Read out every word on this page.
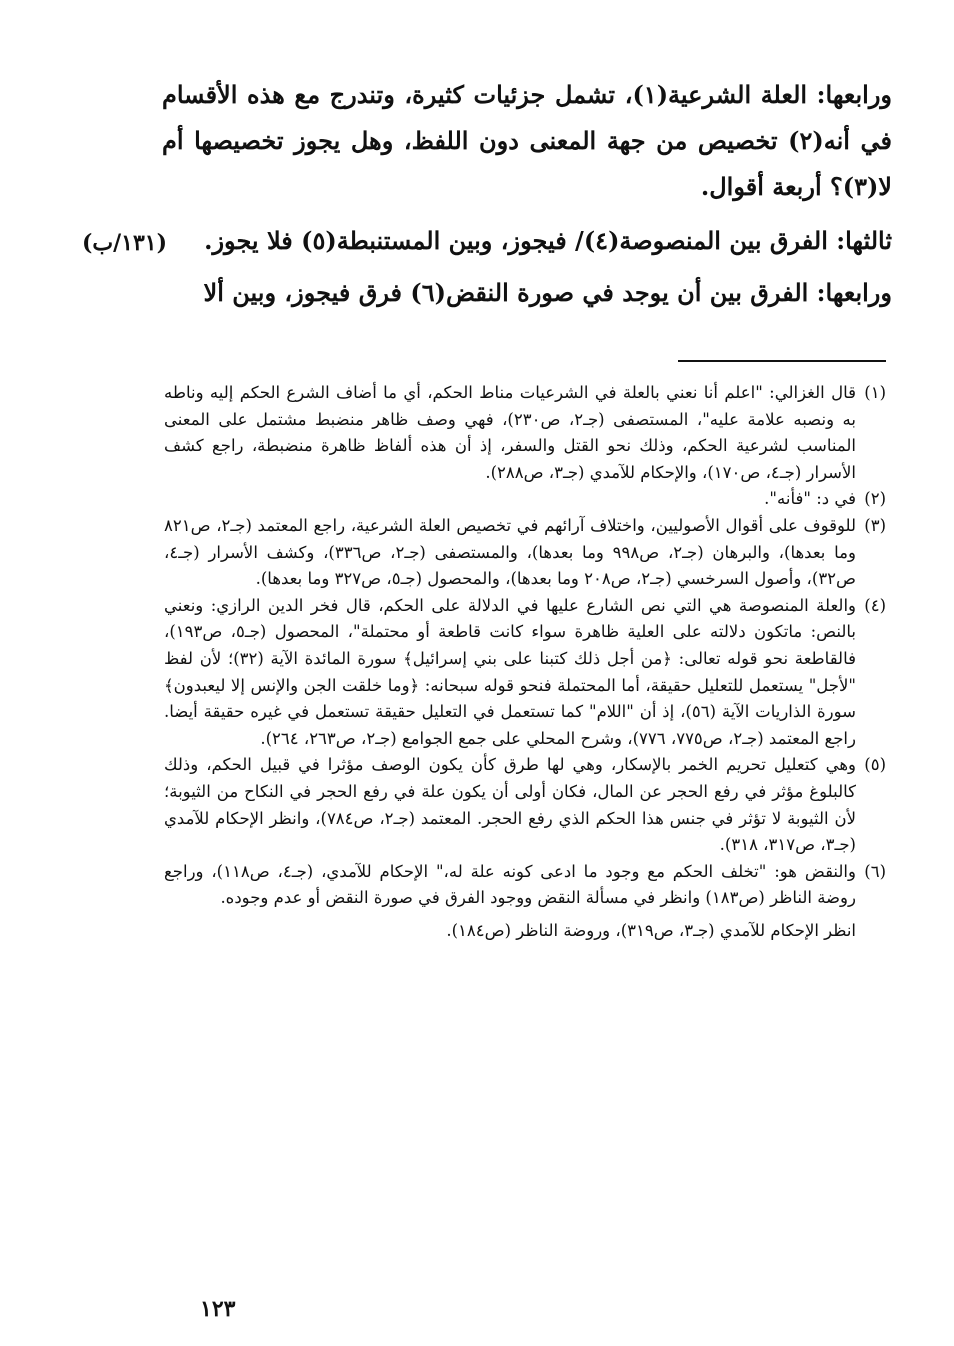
ورابعها: العلة الشرعية(١)، تشمل جزئيات كثيرة، وتندرج مع هذه الأقسام في أنه(٢) تخصيص من جهة المعنى دون اللفظ، وهل يجوز تخصيصها أم لا(٣)؟ أربعة أقوال.

ثالثها: الفرق بين المنصوصة(٤)/ فيجوز، وبين المستنبطة(٥) فلا يجوز.

ورابعها: الفرق بين أن يوجد في صورة النقض(٦) فرق فيجوز، وبين ألا

(١٣١/ب)
(١)
قال الغزالي: "اعلم أنا نعني بالعلة في الشرعيات مناط الحكم، أي ما أضاف الشرع الحكم إليه وناطه به ونصبه علامة عليه"، المستصفى (جـ٢، ص٢٣٠)، فهي وصف ظاهر منضبط مشتمل على المعنى المناسب لشرعية الحكم، وذلك نحو القتل والسفر، إذ أن هذه ألفاظ ظاهرة منضبطة، راجع كشف الأسرار (جـ٤، ص١٧٠)، والإحكام للآمدي (جـ٣، ص٢٨٨).
(٢)
في د: "فأنه".
(٣)
للوقوف على أقوال الأصوليين، واختلاف آرائهم في تخصيص العلة الشرعية، راجع المعتمد (جـ٢، ص٨٢١ وما بعدها)، والبرهان (جـ٢، ص٩٩٨ وما بعدها)، والمستصفى (جـ٢، ص٣٣٦)، وكشف الأسرار (جـ٤، ص٣٢)، وأصول السرخسي (جـ٢، ص٢٠٨ وما بعدها)، والمحصول (جـ٥، ص٣٢٧ وما بعدها).
(٤)
والعلة المنصوصة هي التي نص الشارع عليها في الدلالة على الحكم، قال فخر الدين الرازي: ونعني بالنص: ماتكون دلالته على العلية ظاهرة سواء كانت قاطعة أو محتملة"، المحصول (جـ٥، ص١٩٣)، فالقاطعة نحو قوله تعالى: ﴿من أجل ذلك كتبنا على بني إسرائيل﴾ سورة المائدة الآية (٣٢)؛ لأن لفظ "لأجل" يستعمل للتعليل حقيقة، أما المحتملة فنحو قوله سبحانه: ﴿وما خلقت الجن والإنس إلا ليعبدون﴾ سورة الذاريات الآية (٥٦)، إذ أن "اللام" كما تستعمل في التعليل حقيقة تستعمل في غيره حقيقة أيضا. راجع المعتمد (جـ٢، ص٧٧٥، ٧٧٦)، وشرح المحلي على جمع الجوامع (جـ٢، ص٢٦٣، ٢٦٤).
(٥)
وهي كتعليل تحريم الخمر بالإسكار، وهي لها طرق كأن يكون الوصف مؤثرا في قبيل الحكم، وذلك كالبلوغ مؤثر في رفع الحجر عن المال، فكان أولى أن يكون علة في رفع الحجر في النكاح من الثيوبة؛ لأن الثيوبة لا تؤثر في جنس هذا الحكم الذي رفع الحجر. المعتمد (جـ٢، ص٧٨٤)، وانظر الإحكام للآمدي (جـ٣، ص٣١٧، ٣١٨).
(٦)
والنقض هو: "تخلف الحكم مع وجود ما ادعى كونه علة له،" الإحكام للآمدي، (جـ٤، ص١١٨)، وراجع روضة الناظر (ص١٨٣) وانظر في مسألة النقض ووجود الفرق في صورة النقض أو عدم وجوده.
انظر الإحكام للآمدي (جـ٣، ص٣١٩)، وروضة الناظر (ص١٨٤).
١٢٣
